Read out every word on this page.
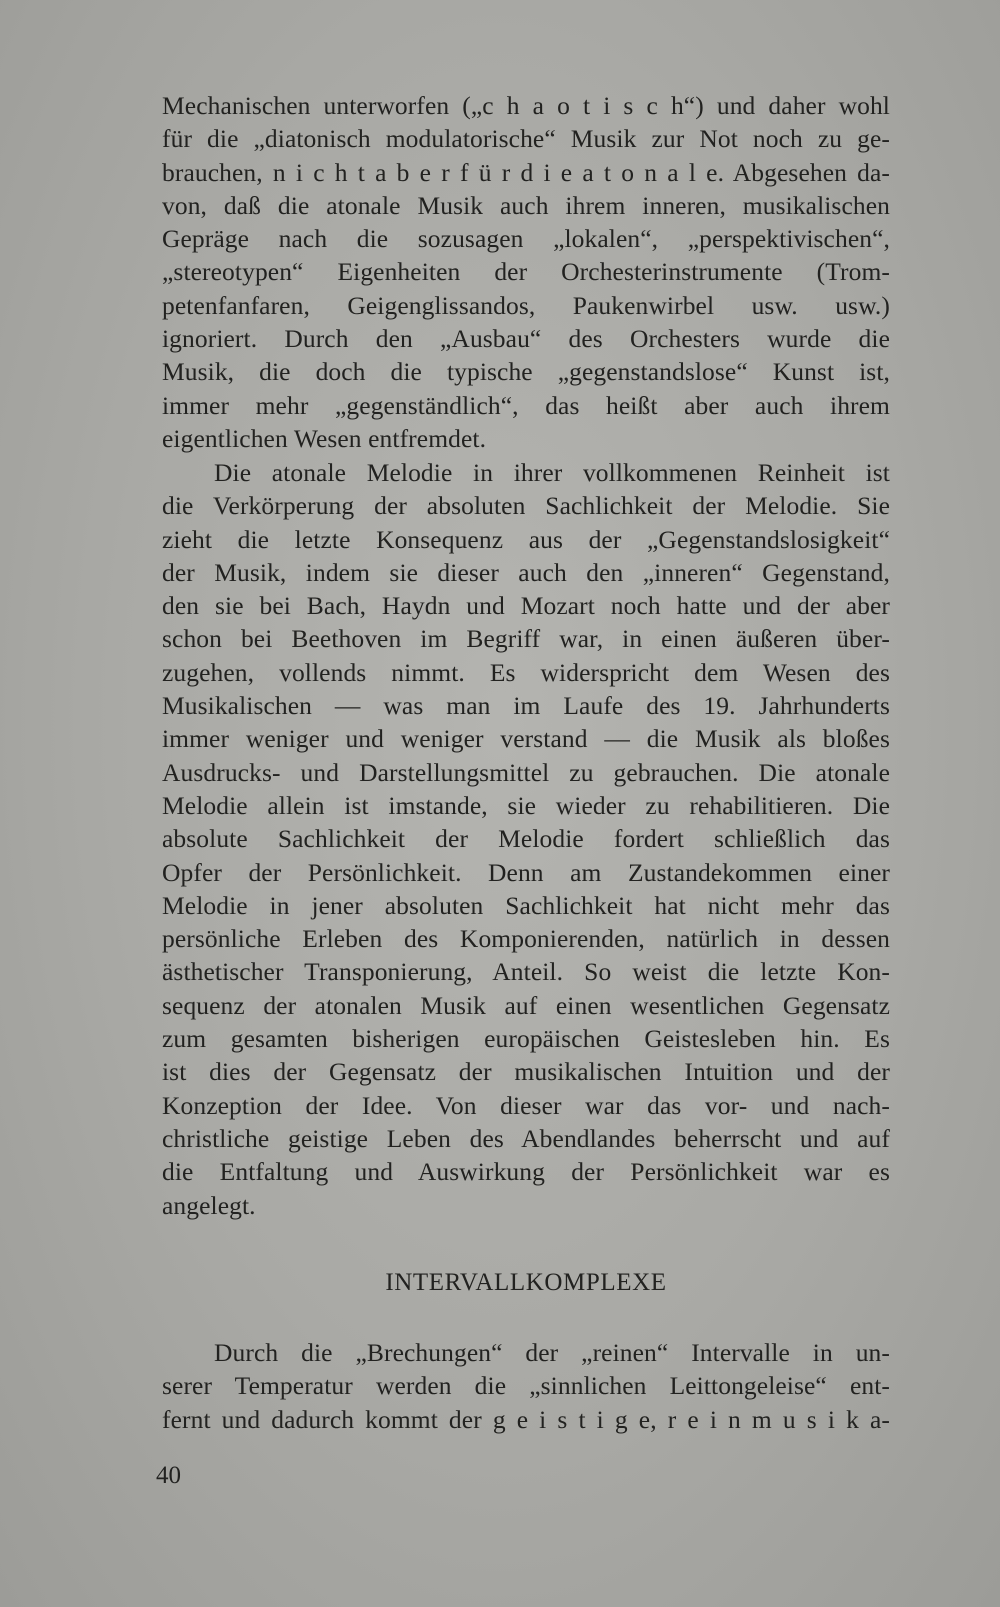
Mechanischen unterworfen („c h a o t i s c h“) und daher wohl
für die „diatonisch modulatorische“ Musik zur Not noch zu ge-
brauchen, n i c h t a b e r f ü r d i e a t o n a l e. Abgesehen da-
von, daß die atonale Musik auch ihrem inneren, musikalischen
Gepräge nach die sozusagen „lokalen“, „perspektivischen“,
„stereotypen“ Eigenheiten der Orchesterinstrumente (Trom-
petenfanfaren, Geigenglissandos, Paukenwirbel usw. usw.)
ignoriert. Durch den „Ausbau“ des Orchesters wurde die
Musik, die doch die typische „gegenstandslose“ Kunst ist,
immer mehr „gegenständlich“, das heißt aber auch ihrem
eigentlichen Wesen entfremdet.
Die atonale Melodie in ihrer vollkommenen Reinheit ist
die Verkörperung der absoluten Sachlichkeit der Melodie. Sie
zieht die letzte Konsequenz aus der „Gegenstandslosigkeit“
der Musik, indem sie dieser auch den „inneren“ Gegenstand,
den sie bei Bach, Haydn und Mozart noch hatte und der aber
schon bei Beethoven im Begriff war, in einen äußeren über-
zugehen, vollends nimmt. Es widerspricht dem Wesen des
Musikalischen — was man im Laufe des 19. Jahrhunderts
immer weniger und weniger verstand — die Musik als bloßes
Ausdrucks- und Darstellungsmittel zu gebrauchen. Die atonale
Melodie allein ist imstande, sie wieder zu rehabilitieren. Die
absolute Sachlichkeit der Melodie fordert schließlich das
Opfer der Persönlichkeit. Denn am Zustandekommen einer
Melodie in jener absoluten Sachlichkeit hat nicht mehr das
persönliche Erleben des Komponierenden, natürlich in dessen
ästhetischer Transponierung, Anteil. So weist die letzte Kon-
sequenz der atonalen Musik auf einen wesentlichen Gegensatz
zum gesamten bisherigen europäischen Geistesleben hin. Es
ist dies der Gegensatz der musikalischen Intuition und der
Konzeption der Idee. Von dieser war das vor- und nach-
christliche geistige Leben des Abendlandes beherrscht und auf
die Entfaltung und Auswirkung der Persönlichkeit war es
angelegt.
INTERVALLKOMPLEXE
Durch die „Brechungen“ der „reinen“ Intervalle in un-
serer Temperatur werden die „sinnlichen Leittongeleise“ ent-
fernt und dadurch kommt der g e i s t i g e, r e i n m u s i k a-
40
